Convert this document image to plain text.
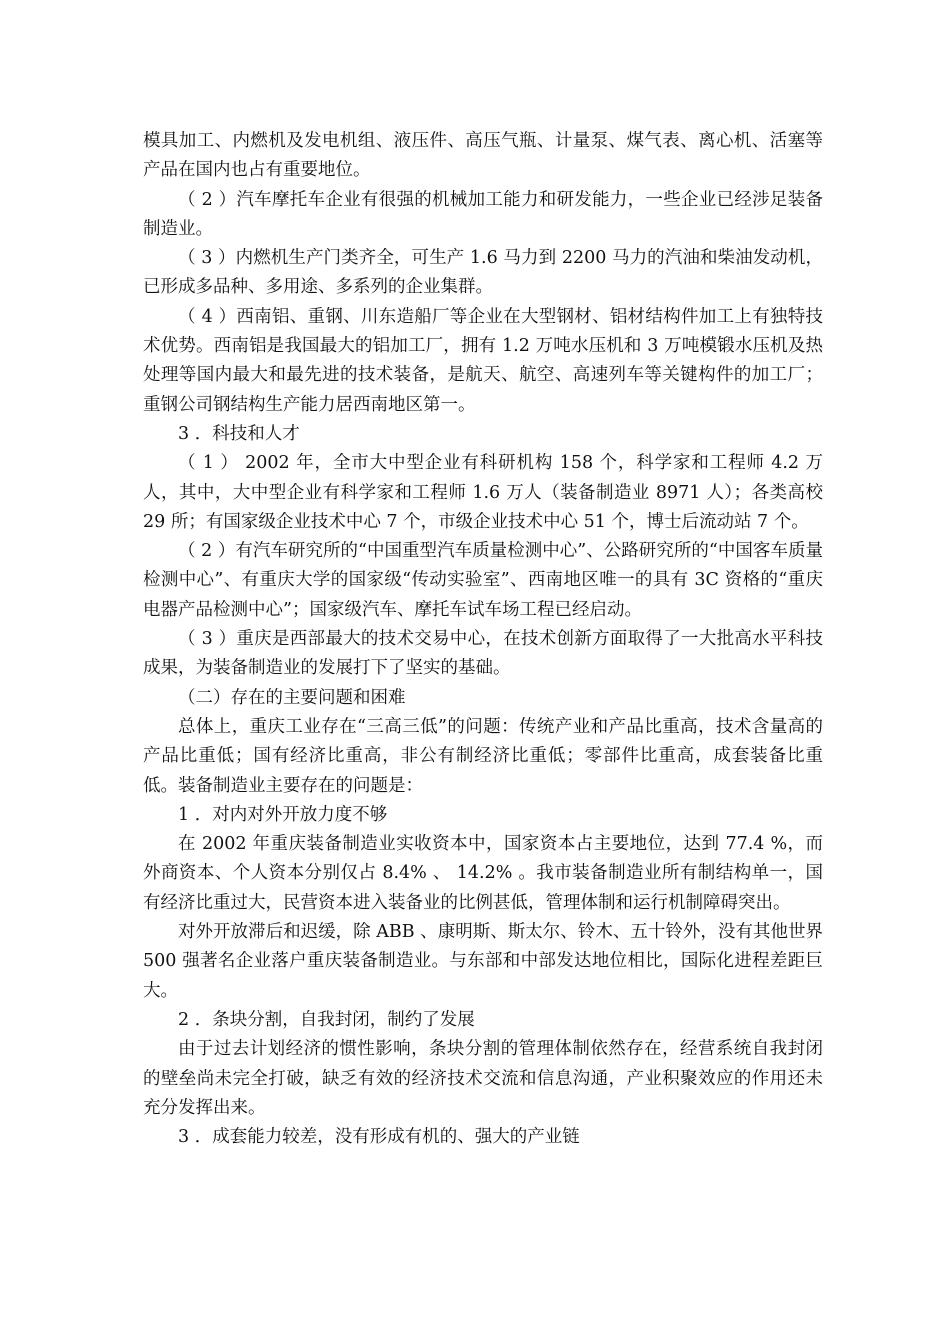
模具加工、内燃机及发电机组、液压件、高压气瓶、计量泵、煤气表、离心机、活塞等产品在国内也占有重要地位。

（ 2 ）汽车摩托车企业有很强的机械加工能力和研发能力，一些企业已经涉足装备制造业。

（ 3 ）内燃机生产门类齐全，可生产 1.6 马力到 2200 马力的汽油和柴油发动机，已形成多品种、多用途、多系列的企业集群。

（ 4 ）西南铝、重钢、川东造船厂等企业在大型钢材、铝材结构件加工上有独特技术优势。西南铝是我国最大的铝加工厂，拥有 1.2 万吨水压机和 3 万吨模锻水压机及热处理等国内最大和最先进的技术装备，是航天、航空、高速列车等关键构件的加工厂；重钢公司钢结构生产能力居西南地区第一。

3 ．科技和人才

（ 1 ） 2002 年，全市大中型企业有科研机构 158 个，科学家和工程师 4.2 万人，其中，大中型企业有科学家和工程师 1.6 万人（装备制造业 8971 人）；各类高校 29 所；有国家级企业技术中心 7 个，市级企业技术中心 51 个，博士后流动站 7 个。

（ 2 ）有汽车研究所的“中国重型汽车质量检测中心”、公路研究所的“中国客车质量检测中心”、有重庆大学的国家级“传动实验室”、西南地区唯一的具有 3C 资格的“重庆电器产品检测中心”；国家级汽车、摩托车试车场工程已经启动。

（ 3 ）重庆是西部最大的技术交易中心，在技术创新方面取得了一大批高水平科技成果，为装备制造业的发展打下了坚实的基础。

（二）存在的主要问题和困难

总体上，重庆工业存在“三高三低”的问题：传统产业和产品比重高，技术含量高的产品比重低；国有经济比重高，非公有制经济比重低；零部件比重高，成套装备比重低。装备制造业主要存在的问题是：

1 ．对内对外开放力度不够

在 2002 年重庆装备制造业实收资本中，国家资本占主要地位，达到 77.4 %，而外商资本、个人资本分别仅占 8.4% 、 14.2% 。我市装备制造业所有制结构单一，国有经济比重过大，民营资本进入装备业的比例甚低，管理体制和运行机制障碍突出。

对外开放滞后和迟缓，除 ABB 、康明斯、斯太尔、铃木、五十铃外，没有其他世界 500 强著名企业落户重庆装备制造业。与东部和中部发达地位相比，国际化进程差距巨大。

2 ．条块分割，自我封闭，制约了发展

由于过去计划经济的惯性影响，条块分割的管理体制依然存在，经营系统自我封闭的壁垒尚未完全打破，缺乏有效的经济技术交流和信息沟通，产业积聚效应的作用还未充分发挥出来。

3 ．成套能力较差，没有形成有机的、强大的产业链
